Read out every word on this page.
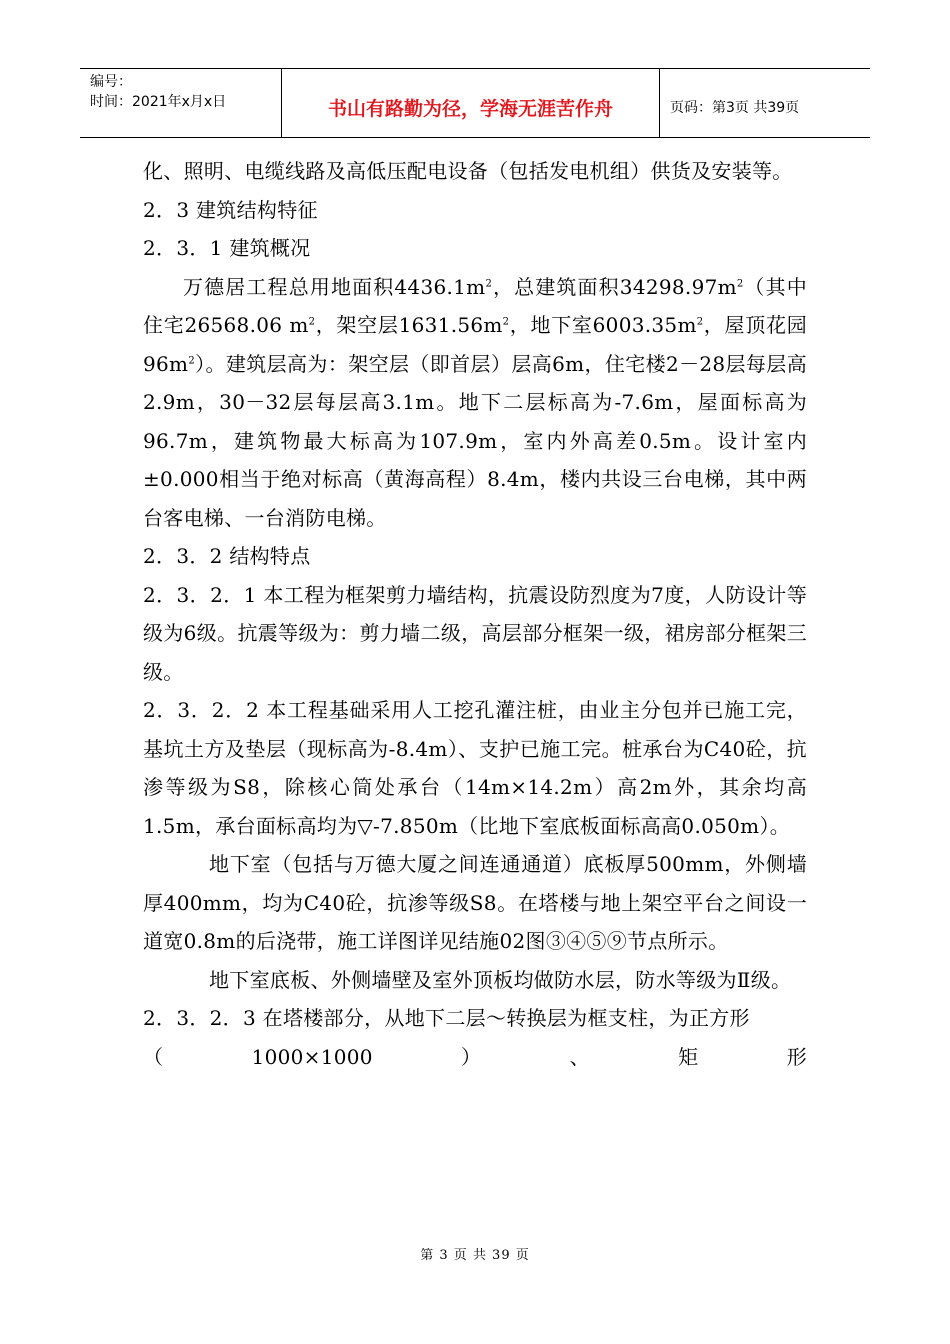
编号：
时间：2021年x月x日	书山有路勤为径，学海无涯苦作舟	页码：第3页 共39页

化、照明、电缆线路及高低压配电设备（包括发电机组）供货及安装等。

2．3 建筑结构特征

2．3．1 建筑概况

万德居工程总用地面积$4436.1m^2$，总建筑面积$34298.97m^2$（其中住宅26568.06 $m^2$，架空层$1631.56m^2$，地下室$6003.35m^2$，屋顶花园$96m^2$）。建筑层高为：架空层（即首层）层高6m，住宅楼2－28层每层高2.9m，30－32层每层高3.1m。地下二层标高为-7.6m，屋面标高为96.7m，建筑物最大标高为107.9m，室内外高差0.5m。设计室内±0.000相当于绝对标高（黄海高程）8.4m，楼内共设三台电梯，其中两台客电梯、一台消防电梯。

2．3．2 结构特点

2．3．2．1 本工程为框架剪力墙结构，抗震设防烈度为7度，人防设计等级为6级。抗震等级为：剪力墙二级，高层部分框架一级，裙房部分框架三级。

2．3．2．2 本工程基础采用人工挖孔灌注桩，由业主分包并已施工完，基坑土方及垫层（现标高为-8.4m）、支护已施工完。桩承台为C40砼，抗渗等级为S8，除核心筒处承台（14m×14.2m）高2m外，其余均高1.5m，承台面标高均为▽-7.850m（比地下室底板面标高高0.050m）。

地下室（包括与万德大厦之间连通通道）底板厚500mm，外侧墙厚400mm，均为C40砼，抗渗等级S8。在塔楼与地上架空平台之间设一道宽0.8m的后浇带，施工详图详见结施02图③④⑤⑨节点所示。

地下室底板、外侧墙壁及室外顶板均做防水层，防水等级为Ⅱ级。

2．3．2．3 在塔楼部分，从地下二层～转换层为框支柱，为正方形

（	1000×1000	）	、	矩	形

第 3 页 共 39 页
